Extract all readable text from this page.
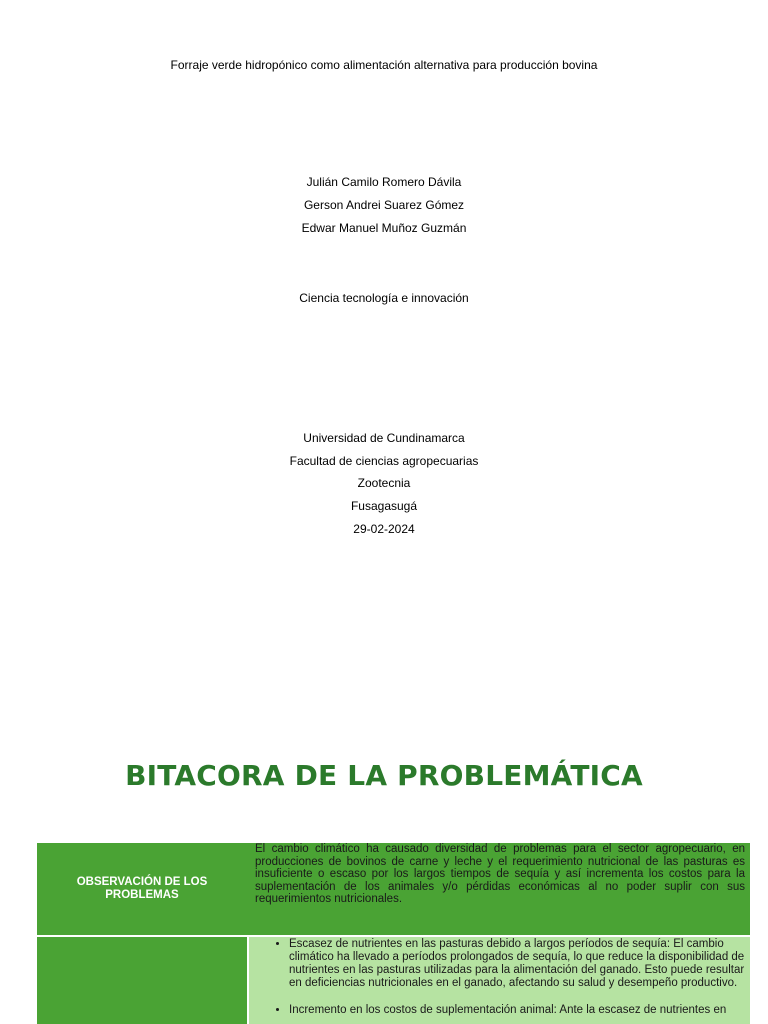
Forraje verde hidropónico como alimentación alternativa para producción bovina
Julián Camilo Romero Dávila
Gerson Andrei Suarez Gómez
Edwar Manuel Muñoz Guzmán
Ciencia tecnología e innovación
Universidad de Cundinamarca
Facultad de ciencias agropecuarias
Zootecnia
Fusagasugá
29-02-2024
BITACORA DE LA PROBLEMÁTICA
OBSERVACIÓN DE LOS PROBLEMAS
El cambio climático ha causado diversidad de problemas para el sector agropecuario, en producciones de bovinos de carne y leche y el requerimiento nutricional de las pasturas es insuficiente o escaso por los largos tiempos de sequía y así incrementa los costos para la suplementación de los animales y/o pérdidas económicas al no poder suplir con sus requerimientos nutricionales.
• Escasez de nutrientes en las pasturas debido a largos períodos de sequía: El cambio climático ha llevado a períodos prolongados de sequía, lo que reduce la disponibilidad de nutrientes en las pasturas utilizadas para la alimentación del ganado. Esto puede resultar en deficiencias nutricionales en el ganado, afectando su salud y desempeño productivo.
• Incremento en los costos de suplementación animal: Ante la escasez de nutrientes en
